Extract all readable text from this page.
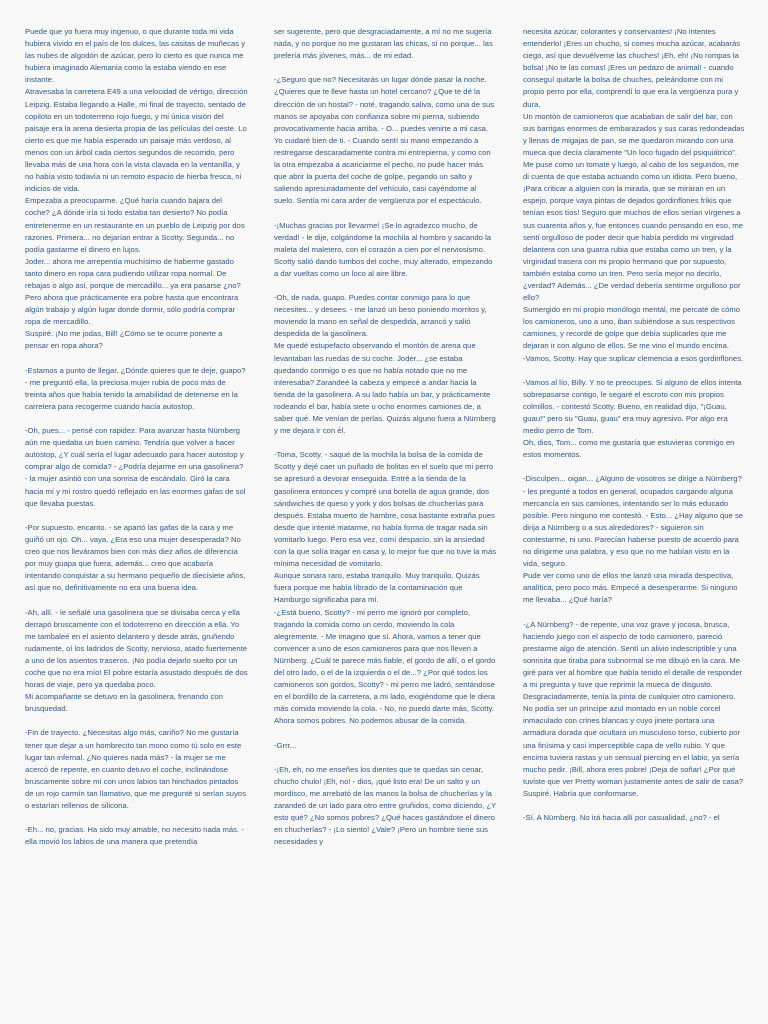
Puede que yo fuera muy ingenuo, o que durante toda mi vida hubiera vivido en el país de los dulces, las casitas de muñecas y las nubes de algodón de azúcar, pero lo cierto es que nunca me hubiera imaginado Alemania como la estaba viendo en ese instante.

Atravesaba la carretera E49 a una velocidad de vértigo, dirección Leipzig. Estaba llegando a Halle, mi final de trayecto, sentado de copiloto en un todoterreno rojo fuego, y mi única visión del paisaje era la arena desierta propia de las películas del oeste. Lo cierto es que me había esperado un paisaje más verdoso, al menos con un árbol cada ciertos segundos de recorrido, pero llevaba más de una hora con la vista clavada en la ventanilla, y no había visto todavía ni un remoto espacio de hierba fresca, ni indicios de vida.

Empezaba a preocuparme. ¿Qué haría cuando bajara del coche? ¿A dónde iría si todo estaba tan desierto? No podía entretenerme en un restaurante en un pueblo de Leipzig por dos razones. Primera... no dejarían entrar a Scotty. Segunda... no podía gastarme el dinero en lujos.

Joder... ahora me arrepentía muchísimo de haberme gastado tanto dinero en ropa cara pudiendo utilizar ropa normal. De rebajas o algo así, porque de mercadillo... ya era pasarse ¿no? Pero ahora que prácticamente era pobre hasta que encontrara algún trabajo y algún lugar donde dormir, sólo podría comprar ropa de mercadillo.

Suspiré. ¡No me jodas, Bill! ¿Cómo se te ocurre ponerte a pensar en ropa ahora?

-Estamos a punto de llegar. ¿Dónde quieres que te deje, guapo? - me preguntó ella, la preciosa mujer rubia de poco más de treinta años que había tenido la amabilidad de detenerse en la carretera para recogerme cuando hacía autostop.

-Oh, pues... - pensé con rapidez. Para avanzar hasta Nürnberg aún me quedaba un buen camino. Tendría que volver a hacer autostop, ¿Y cuál sería el lugar adecuado para hacer autostop y comprar algo de comida? - ¿Podría dejarme en una gasolinera? - la mujer asintió con una sonrisa de escándalo. Giró la cara hacia mí y mi rostro quedó reflejado en las enormes gafas de sol que llevaba puestas.

-Por supuesto, encanto. - se apartó las gafas de la cara y me guiñó un ojo. Oh... vaya. ¿Era eso una mujer desesperada? No creo que nos lleváramos bien con más diez años de diferencia por muy guapa que fuera, además... creo que acabaría intentando conquistar a su hermano pequeño de diecisiete años, así que no, definitivamente no era una buena idea.

-Ah, allí. - le señalé una gasolinera que se divisaba cerca y ella derrapó bruscamente con el todoterreno en dirección a ella. Yo me tambaleé en el asiento delantero y desde atrás, gruñendo rudamente, oí los ladridos de Scotty, nervioso, atado fuertemente a uno de los asientos traseros. ¡No podía dejarlo suelto por un coche que no era mío! El pobre estaría asustado después de dos horas de viaje, pero ya quedaba poco.

Mi acompañante se detuvo en la gasolinera, frenando con brusquedad.

-Fin de trayecto. ¿Necesitas algo más, cariño? No me gustaría tener que dejar a un hombrecito tan mono como tú solo en este lugar tan infernal. ¿No quieres nada más? - la mujer se me acercó de repente, en cuanto detuvo el coche, inclinándose bruscamente sobre mí con unos labios tan hinchados pintados de un rojo carmín tan llamativo, que me pregunté si serían suyos o estarían rellenos de silicona.

-Eh... no, gracias. Ha sido muy amable, no necesito nada más. - ella movió los labios de una manera que pretendía

ser sugerente, pero que desgraciadamente, a mí no me sugería nada, y no porque no me gustaran las chicas, sí no porque... las prefería más jóvenes, más... de mi edad.

-¿Seguro que no? Necesitarás un lugar dónde pasar la noche. ¿Quieres que te lleve hasta un hotel cercano? ¿Que te dé la dirección de un hostal? - noté, tragando saliva, como una de sus manos se apoyaba con confianza sobre mi pierna, subiendo provocativamente hacia arriba. - O... puedes venirte a mi casa. Yo cuidaré bien de ti. - Cuando sentí su mano empezando a restregarse descaradamente contra mi entrepierna, y como con la otra empezaba a acariciarme el pecho, no pude hacer más que abrir la puerta del coche de golpe, pegando un salto y saliendo apresuradamente del vehículo, casi cayéndome al suelo. Sentía mi cara arder de vergüenza por el espectáculo.

-¡Muchas gracias por llevarme! ¡Se lo agradezco mucho, de verdad! - le dije, colgándome la mochila al hombro y sacando la maleta del maletero, con el corazón a cien por el nerviosismo. Scotty salió dando tumbos del coche, muy alterado, empezando a dar vueltas como un loco al aire libre.

-Oh, de nada, guapo. Puedes contar conmigo para lo que necesites... y desees. - me lanzó un beso poniendo morritos y, moviendo la mano en señal de despedida, arrancó y salió despedida de la gasolinera.

Me quedé estupefacto observando el montón de arena que levantaban las ruedas de su coche. Joder... ¿se estaba quedando conmigo o es que no había notado que no me interesaba? Zarandeé la cabeza y empecé a andar hacia la tienda de la gasolinera. A su lado había un bar, y prácticamente rodeando el bar, había siete u ocho enormes camiones de, a saber qué. Me venían de perlas. Quizás alguno fuera a Nürnberg y me dejara ir con él.

-Toma, Scotty. - saqué de la mochila la bolsa de la comida de Scotty y dejé caer un puñado de bolitas en el suelo que mi perro se apresuró a devorar enseguida. Entré a la tienda de la gasolinera entonces y compré una botella de agua grande, dos sándwiches de queso y york y dos bolsas de chucherías para después. Estaba muerto de hambre, cosa bastante extraña pues desde que intenté matarme, no había forma de tragar nada sin vomitarlo luego. Pero esa vez, comí despacio, sin la ansiedad con la que solía tragar en casa y, lo mejor fue que no tuve la más mínima necesidad de vomitarlo.

Aunque sonara raro, estaba tranquilo. Muy tranquilo. Quizás fuera porque me había librado de la contaminación que Hamburgo significaba para mí.

-¿Está bueno, Scotty? - mi perro me ignoró por completo, tragando la comida como un cerdo, moviendo la cola alegremente. - Me imagino que sí. Ahora, vamos a tener que convencer a uno de esos camioneros para que nos lleven a Nürnberg. ¿Cuál te parece más fiable, el gordo de allí, o el gordo del otro lado, o el de la izquierda o el de...? ¿Por qué todos los camioneros son gordos, Scotty? - mi perro me ladró, sentándose en el bordillo de la carretera, a mi lado, exigiéndome que le diera más comida moviendo la cola. - No, no puedo darte más, Scotty. Ahora somos pobres. No podemos abusar de la comida.

-Grrr...

-¡Eh, eh, no me enseñes los dientes que te quedas sin cenar, chucho chulo! ¡Eh, no! - dios, ¡qué listo era! De un salto y un mordisco, me arrebató de las manos la bolsa de chucherías y la zarandeó de un lado para otro entre gruñidos, como diciendo, ¿Y esto qué? ¿No somos pobres? ¿Qué haces gastándote el dinero en chucherías? - ¡Lo siento! ¿Vale? ¡Pero un hombre tiene sus necesidades y

necesita azúcar, colorantes y conservantes! ¡No intentes entenderlo! ¡Eres un chucho, si comes mucha azúcar, acabarás ciego, así que devuélveme las chuches! ¡Eh, eh! ¡No rompas la bolsa! ¡No te las comas! ¡Eres un pedazo de animal! - cuando conseguí quitarle la bolsa de chuches, peleándome con mi propio perro por ella, comprendí lo que era la vergüenza pura y dura.

Un montón de camioneros que acababan de salir del bar, con sus barrigas enormes de embarazados y sus caras redondeadas y llenas de migajas de pan, se me quedaron mirando con una mueca que decía claramente "Un loco fugado del psiquiátrico". Me puse como un tomate y luego, al cabo de los segundos, me di cuenta de que estaba actuando como un idiota. Pero bueno, ¡Para criticar a alguien con la mirada, que se miraran en un espejo, porque vaya pintas de dejados gordinflones frikis que tenían esos tíos! Seguro que muchos de ellos serían vírgenes a sus cuarenta años y, fue entonces cuando pensando en eso, me sentí orgulloso de poder decir que había perdido mi virginidad delantera con una guarra rubia que estaba como un tren, y la virginidad trasera con mi propio hermano que por supuesto, también estaba como un tren. Pero sería mejor no decirlo, ¿verdad? Además... ¿De verdad debería sentirme orgulloso por ello?

Sumergido en mi propio monólogo mental, me percaté de cómo los camioneros, uno a uno, iban subiéndose a sus respectivos camiones, y recordé de golpe que debía suplicarles que me dejaran ir con alguno de ellos. Se me vino el mundo encima.

-Vamos, Scotty. Hay que suplicar clemencia a esos gordinflones.

-Vamos al lío, Billy. Y no te preocupes. Si alguno de ellos intenta sobrepasarse contigo, le segaré el escroto con mis propios colmillos. - contestó Scotty. Bueno, en realidad dijo, "¡Guau, guau!" pero su "Guau, guau" era muy agresivo. Por algo era medio perro de Tom.

Oh, dios, Tom... como me gustaría que estuvieras conmigo en estos momentos.

-Disculpen... oigan... ¿Alguno de vosotros se dirige a Nürnberg? - les pregunté a todos en general, ocupados cargando alguna mercancía en sus camiones, intentando ser lo más educado posible. Pero ninguno me contestó. - Esto... ¿Hay alguno que se dirija a Nürnberg o a sus alrededores? - siguieron sin contestarme, ni uno. Parecían haberse puesto de acuerdo para no dirigirme una palabra, y eso que no me habían visto en la vida, seguro.

Pude ver como uno de ellos me lanzó una mirada despectiva, analítica, pero poco más. Empecé a desesperarme. Si ninguno me llevaba... ¿Qué haría?

-¿A Nürnberg? - de repente, una voz grave y jocosa, brusca, haciendo juego con el aspecto de todo camionero, pareció prestarme algo de atención. Sentí un alivio indescriptible y una sonrisita que tiraba para subnormal se me dibujó en la cara. Me giré para ver al hombre que había tenido el detalle de responder a mi pregunta y tuve que reprimir la mueca de disgusto.

Desgraciadamente, tenía la pinta de cualquier otro camionero.

No podía ser un príncipe azul montado en un noble corcel inmaculado con crines blancas y cuyo jinete portara una armadura dorada que ocultara un musculoso torso, cubierto por una finísima y casi imperceptible capa de vello rubio. Y que encima tuviera rastas y un sensual piercing en el labio, ya sería mucho pedir. ¡Bill, ahora eres pobre! ¡Deja de soñar! ¿Por qué tuviste que ver Pretty woman justamente antes de salir de casa?

Suspiré. Habría que conformarse.

-Sí. A Nürnberg. No irá hacia allí por casualidad, ¿no? - el
